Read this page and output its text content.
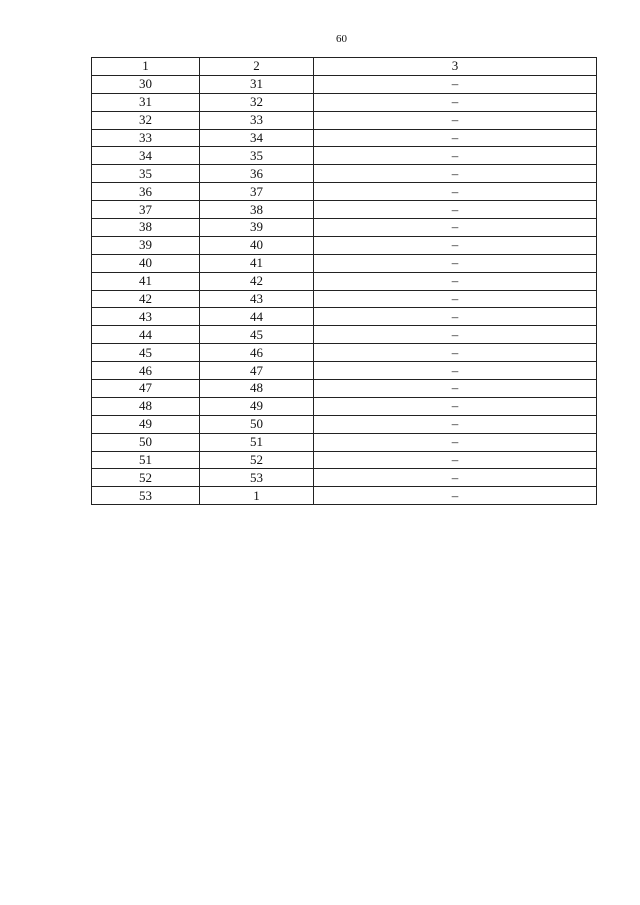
60
1	2	3
30	31	–
31	32	–
32	33	–
33	34	–
34	35	–
35	36	–
36	37	–
37	38	–
38	39	–
39	40	–
40	41	–
41	42	–
42	43	–
43	44	–
44	45	–
45	46	–
46	47	–
47	48	–
48	49	–
49	50	–
50	51	–
51	52	–
52	53	–
53	1	–
